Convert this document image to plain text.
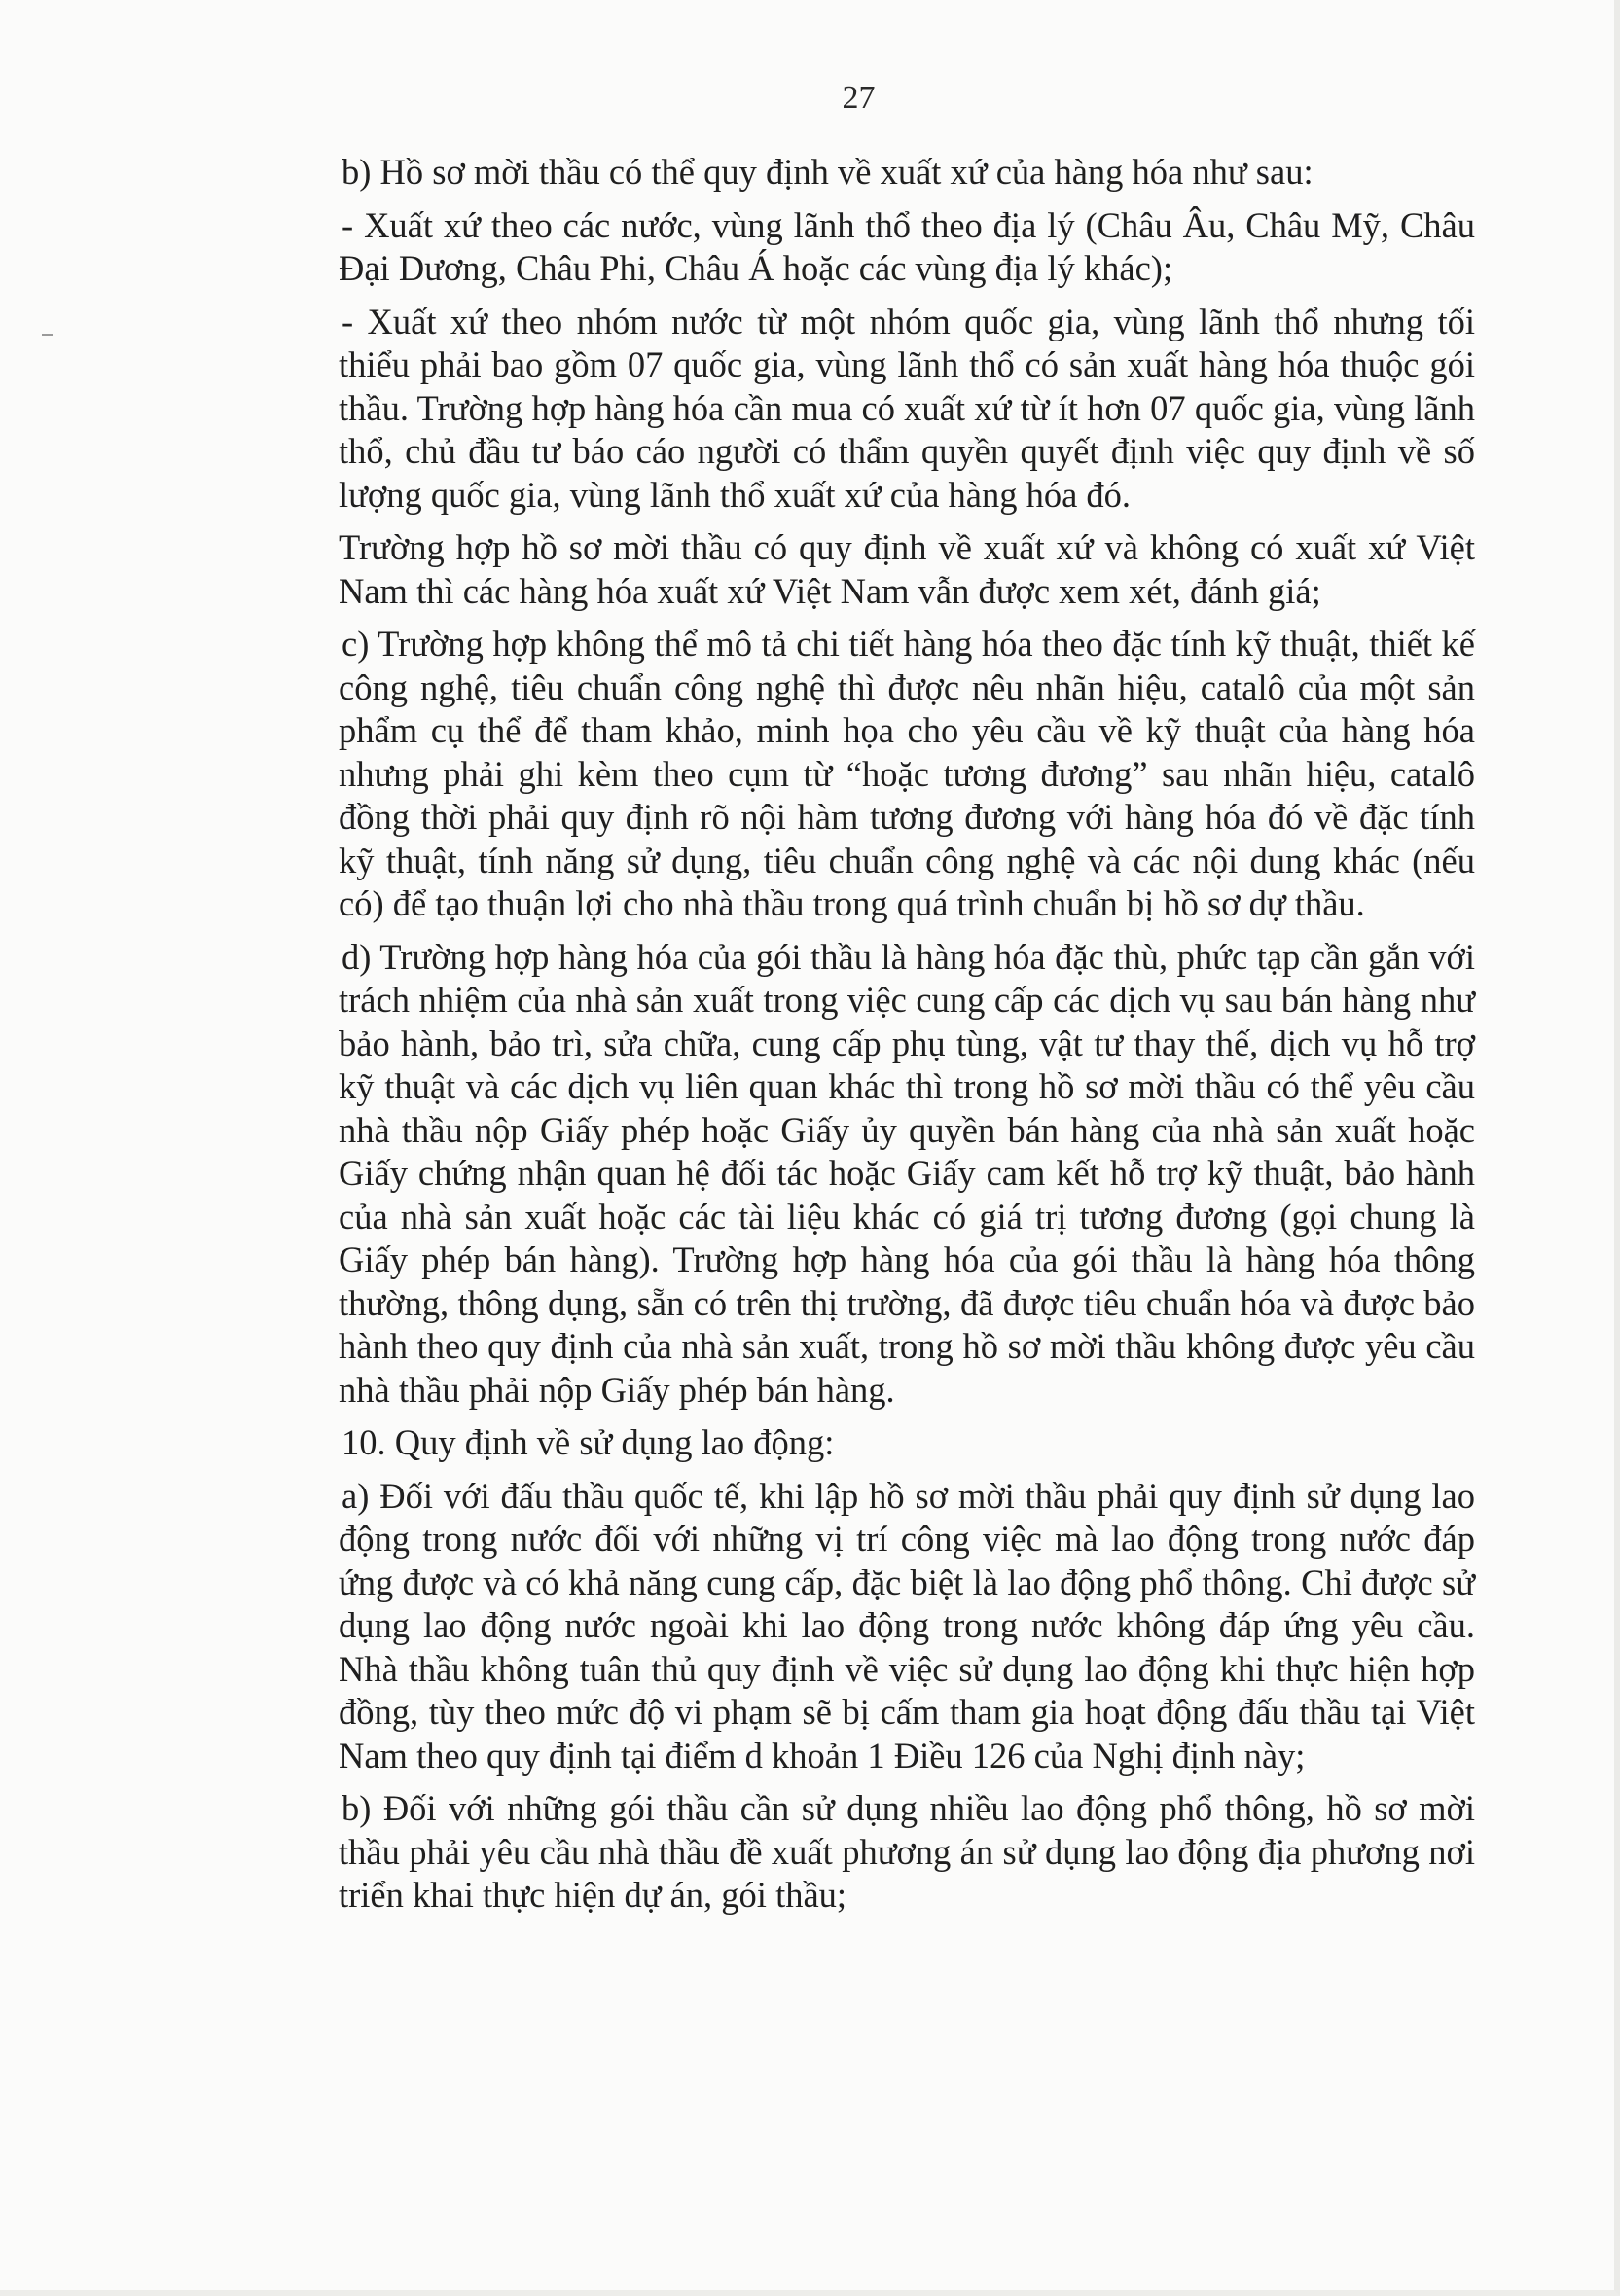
27

b) Hồ sơ mời thầu có thể quy định về xuất xứ của hàng hóa như sau:

- Xuất xứ theo các nước, vùng lãnh thổ theo địa lý (Châu Âu, Châu Mỹ, Châu Đại Dương, Châu Phi, Châu Á hoặc các vùng địa lý khác);

- Xuất xứ theo nhóm nước từ một nhóm quốc gia, vùng lãnh thổ nhưng tối thiểu phải bao gồm 07 quốc gia, vùng lãnh thổ có sản xuất hàng hóa thuộc gói thầu. Trường hợp hàng hóa cần mua có xuất xứ từ ít hơn 07 quốc gia, vùng lãnh thổ, chủ đầu tư báo cáo người có thẩm quyền quyết định việc quy định về số lượng quốc gia, vùng lãnh thổ xuất xứ của hàng hóa đó.

Trường hợp hồ sơ mời thầu có quy định về xuất xứ và không có xuất xứ Việt Nam thì các hàng hóa xuất xứ Việt Nam vẫn được xem xét, đánh giá;

c) Trường hợp không thể mô tả chi tiết hàng hóa theo đặc tính kỹ thuật, thiết kế công nghệ, tiêu chuẩn công nghệ thì được nêu nhãn hiệu, catalô của một sản phẩm cụ thể để tham khảo, minh họa cho yêu cầu về kỹ thuật của hàng hóa nhưng phải ghi kèm theo cụm từ “hoặc tương đương” sau nhãn hiệu, catalô đồng thời phải quy định rõ nội hàm tương đương với hàng hóa đó về đặc tính kỹ thuật, tính năng sử dụng, tiêu chuẩn công nghệ và các nội dung khác (nếu có) để tạo thuận lợi cho nhà thầu trong quá trình chuẩn bị hồ sơ dự thầu.

d) Trường hợp hàng hóa của gói thầu là hàng hóa đặc thù, phức tạp cần gắn với trách nhiệm của nhà sản xuất trong việc cung cấp các dịch vụ sau bán hàng như bảo hành, bảo trì, sửa chữa, cung cấp phụ tùng, vật tư thay thế, dịch vụ hỗ trợ kỹ thuật và các dịch vụ liên quan khác thì trong hồ sơ mời thầu có thể yêu cầu nhà thầu nộp Giấy phép hoặc Giấy ủy quyền bán hàng của nhà sản xuất hoặc Giấy chứng nhận quan hệ đối tác hoặc Giấy cam kết hỗ trợ kỹ thuật, bảo hành của nhà sản xuất hoặc các tài liệu khác có giá trị tương đương (gọi chung là Giấy phép bán hàng). Trường hợp hàng hóa của gói thầu là hàng hóa thông thường, thông dụng, sẵn có trên thị trường, đã được tiêu chuẩn hóa và được bảo hành theo quy định của nhà sản xuất, trong hồ sơ mời thầu không được yêu cầu nhà thầu phải nộp Giấy phép bán hàng.

10. Quy định về sử dụng lao động:

a) Đối với đấu thầu quốc tế, khi lập hồ sơ mời thầu phải quy định sử dụng lao động trong nước đối với những vị trí công việc mà lao động trong nước đáp ứng được và có khả năng cung cấp, đặc biệt là lao động phổ thông. Chỉ được sử dụng lao động nước ngoài khi lao động trong nước không đáp ứng yêu cầu. Nhà thầu không tuân thủ quy định về việc sử dụng lao động khi thực hiện hợp đồng, tùy theo mức độ vi phạm sẽ bị cấm tham gia hoạt động đấu thầu tại Việt Nam theo quy định tại điểm d khoản 1 Điều 126 của Nghị định này;

b) Đối với những gói thầu cần sử dụng nhiều lao động phổ thông, hồ sơ mời thầu phải yêu cầu nhà thầu đề xuất phương án sử dụng lao động địa phương nơi triển khai thực hiện dự án, gói thầu;
